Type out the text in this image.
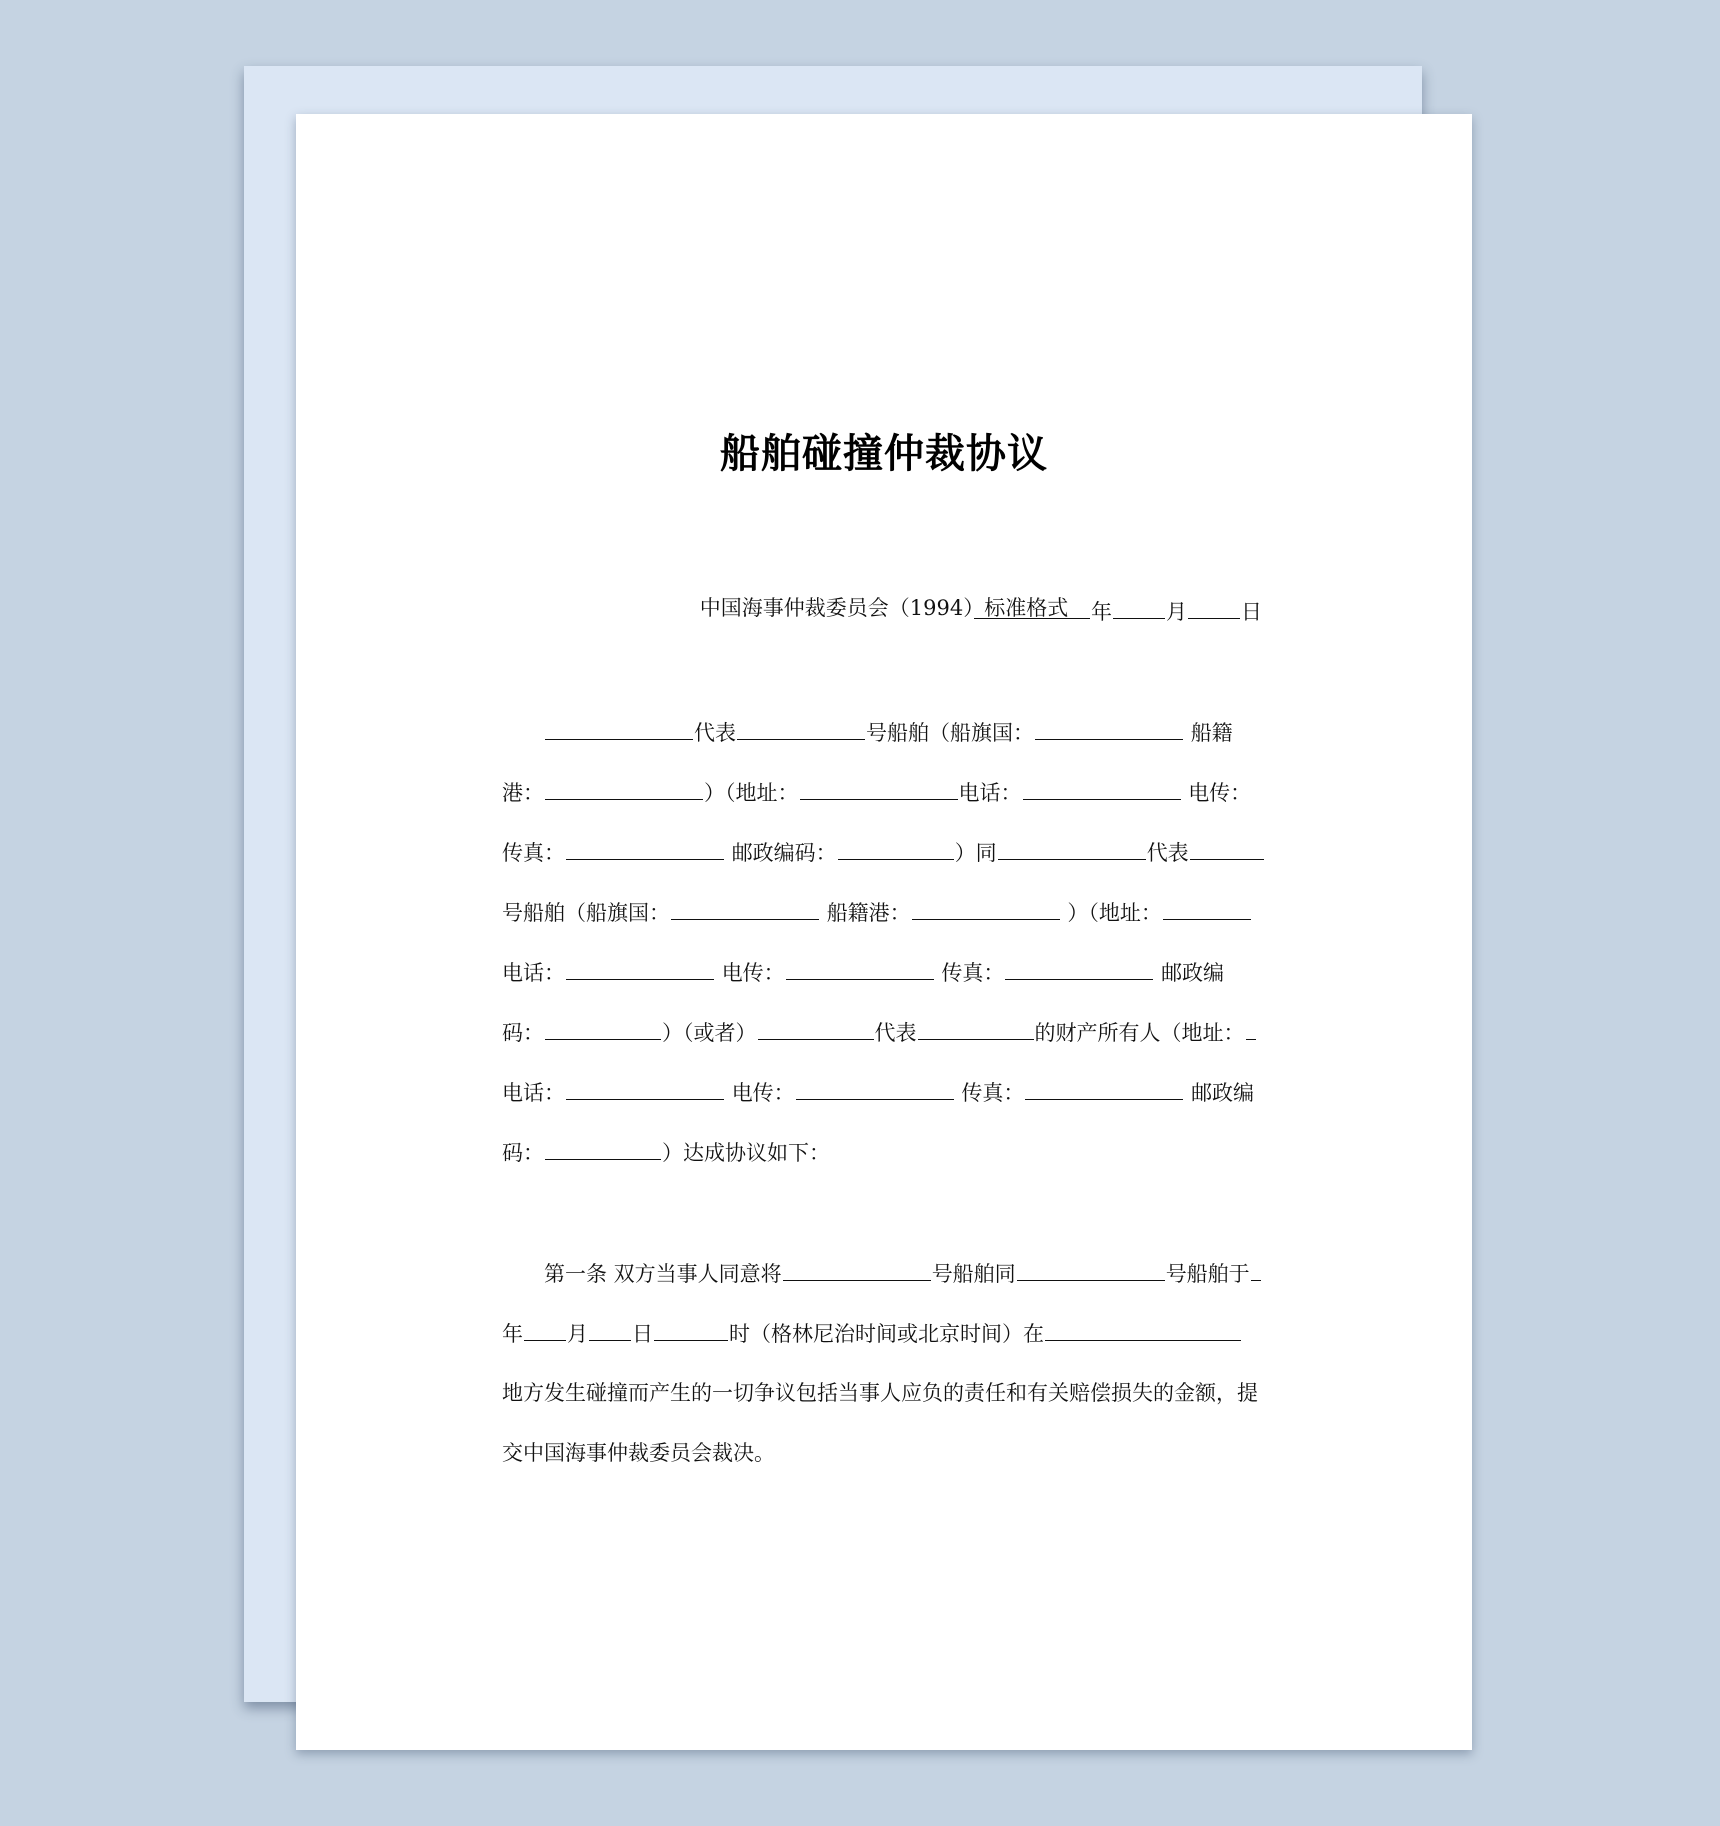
船舶碰撞仲裁协议
中国海事仲裁委员会（1994）标准格式	年	月	日
代表	号船舶（船旗国：	船籍
港：	）（地址：	电话：	电传：
传真：	邮政编码：	）同	代表
号船舶（船旗国：	船籍港：	）（地址：
电话：	电传：	传真：	邮政编
码：	）（或者）	代表	的财产所有人（地址：
电话：	电传：	传真：	邮政编
码：	）达成协议如下：
第一条 双方当事人同意将	号船舶同	号船舶于
年 月 日	时（格林尼治时间或北京时间）在
地方发生碰撞而产生的一切争议包括当事人应负的责任和有关赔偿损失的金额，提
交中国海事仲裁委员会裁决。
